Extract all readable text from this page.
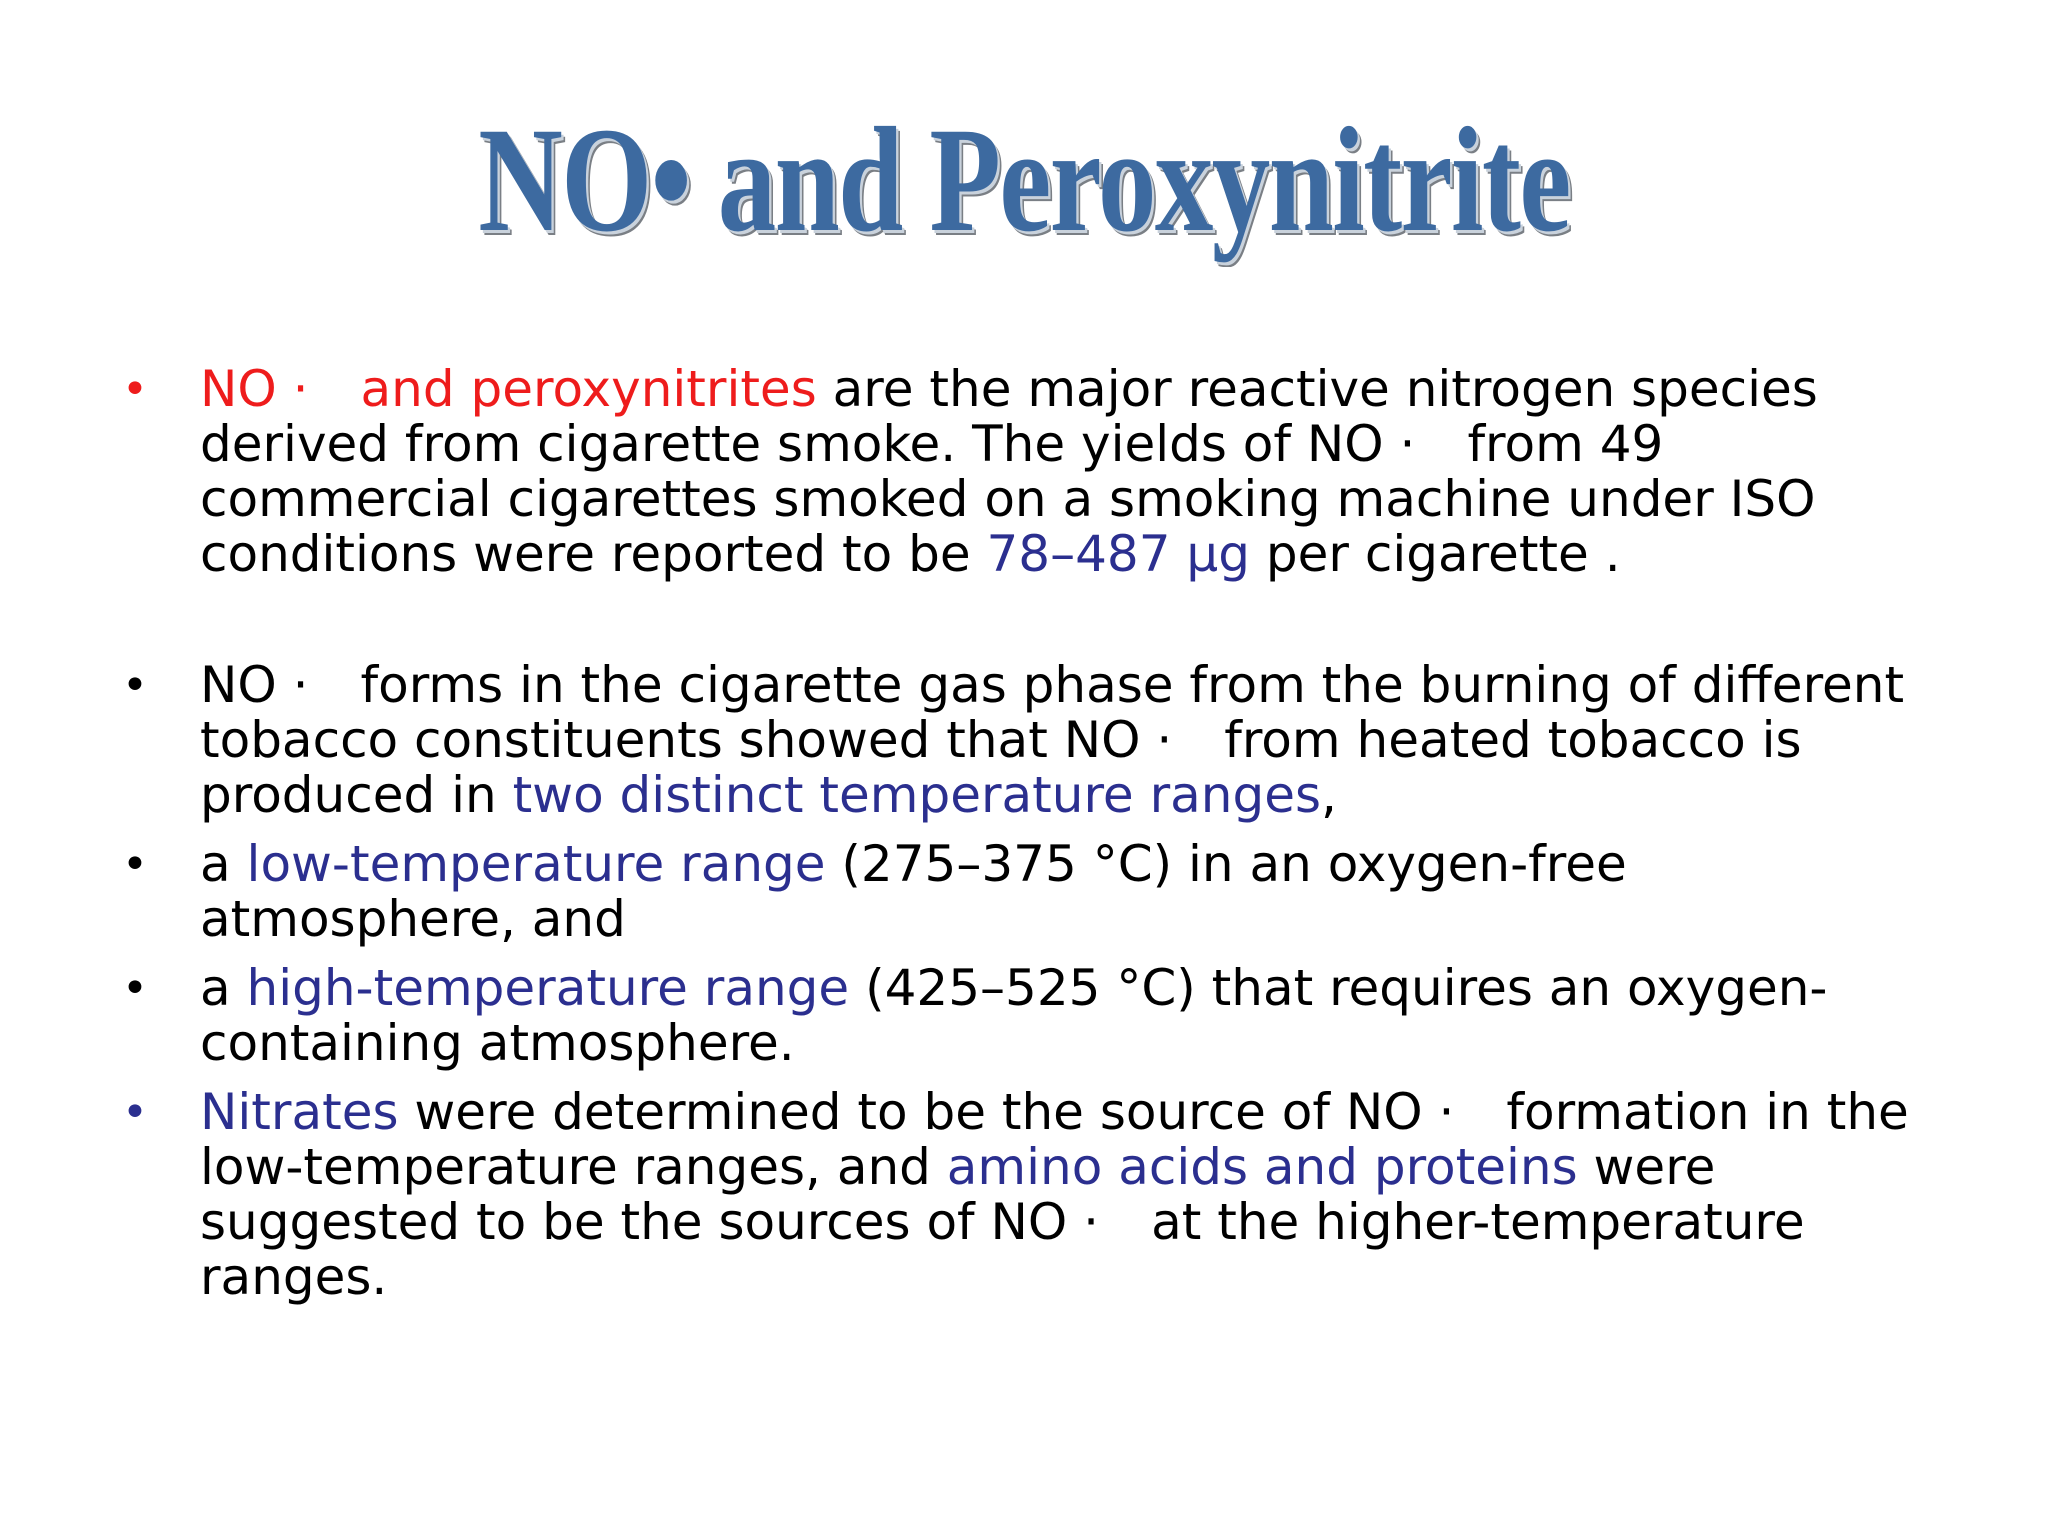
NO• and Peroxynitrite
• NO · and peroxynitrites are the major reactive nitrogen species derived from cigarette smoke. The yields of NO · from 49 commercial cigarettes smoked on a smoking machine under ISO conditions were reported to be 78–487 μg per cigarette .
• NO · forms in the cigarette gas phase from the burning of different tobacco constituents showed that NO · from heated tobacco is produced in two distinct temperature ranges,
• a low-temperature range (275–375 °C) in an oxygen-free atmosphere, and
• a high-temperature range (425–525 °C) that requires an oxygen-containing atmosphere.
• Nitrates were determined to be the source of NO · formation in the low-temperature ranges, and amino acids and proteins were suggested to be the sources of NO · at the higher-temperature ranges.
